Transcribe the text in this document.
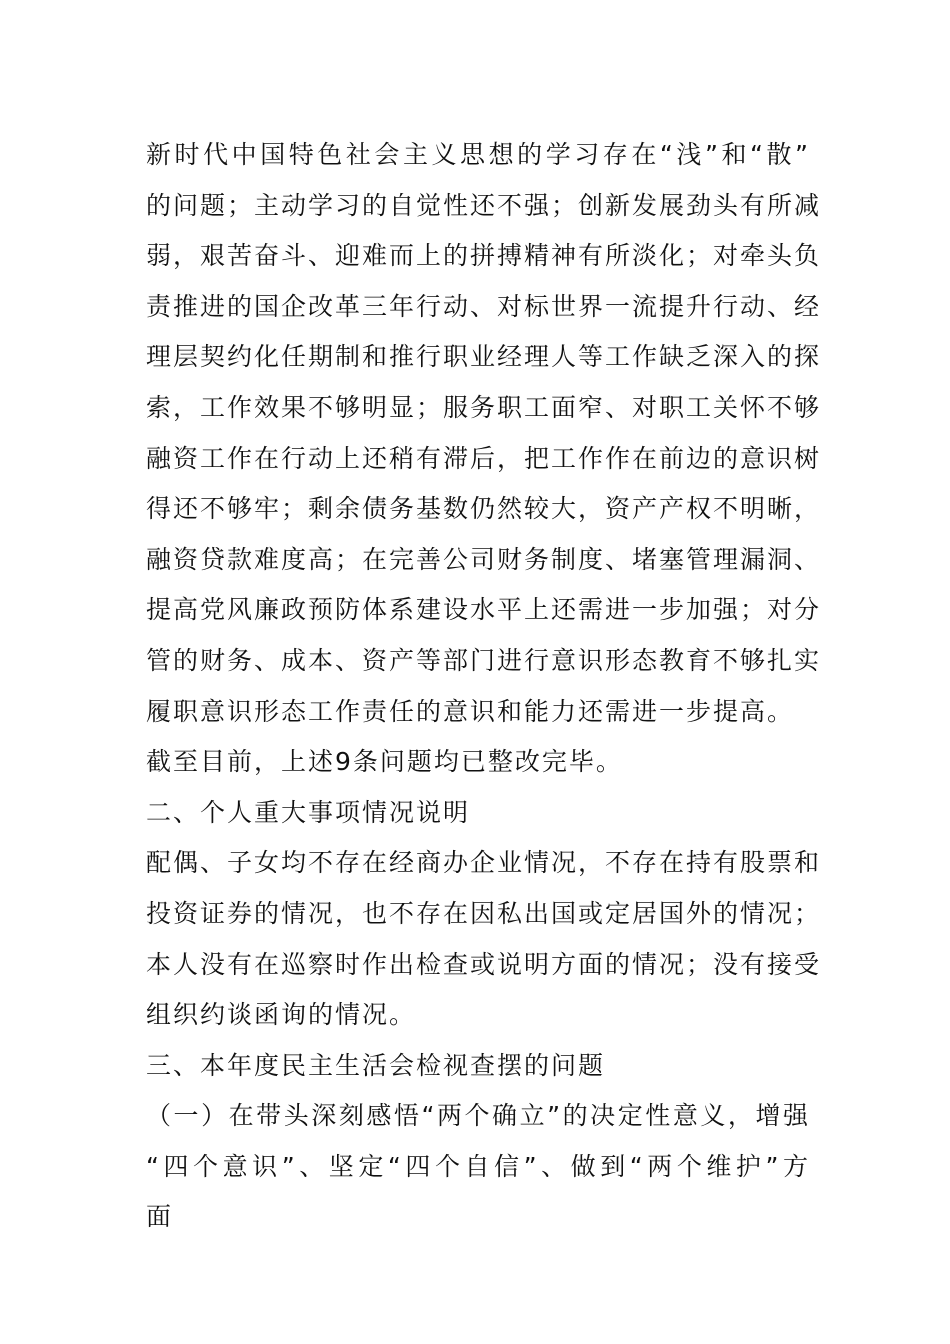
新时代中国特色社会主义思想的学习存在“浅”和“散”
的问题；主动学习的自觉性还不强；创新发展劲头有所减
弱，艰苦奋斗、迎难而上的拼搏精神有所淡化；对牵头负
责推进的国企改革三年行动、对标世界一流提升行动、经
理层契约化任期制和推行职业经理人等工作缺乏深入的探
索，工作效果不够明显；服务职工面窄、对职工关怀不够
融资工作在行动上还稍有滞后，把工作作在前边的意识树
得还不够牢；剩余债务基数仍然较大，资产产权不明晰，
融资贷款难度高；在完善公司财务制度、堵塞管理漏洞、
提高党风廉政预防体系建设水平上还需进一步加强；对分
管的财务、成本、资产等部门进行意识形态教育不够扎实
履职意识形态工作责任的意识和能力还需进一步提高。
截至目前，上述9条问题均已整改完毕。
二、个人重大事项情况说明
配偶、子女均不存在经商办企业情况，不存在持有股票和
投资证券的情况，也不存在因私出国或定居国外的情况；
本人没有在巡察时作出检查或说明方面的情况；没有接受
组织约谈函询的情况。
三、本年度民主生活会检视查摆的问题
（一）在带头深刻感悟“两个确立”的决定性意义，增强
“四个意识”、坚定“四个自信”、做到“两个维护”方
面
